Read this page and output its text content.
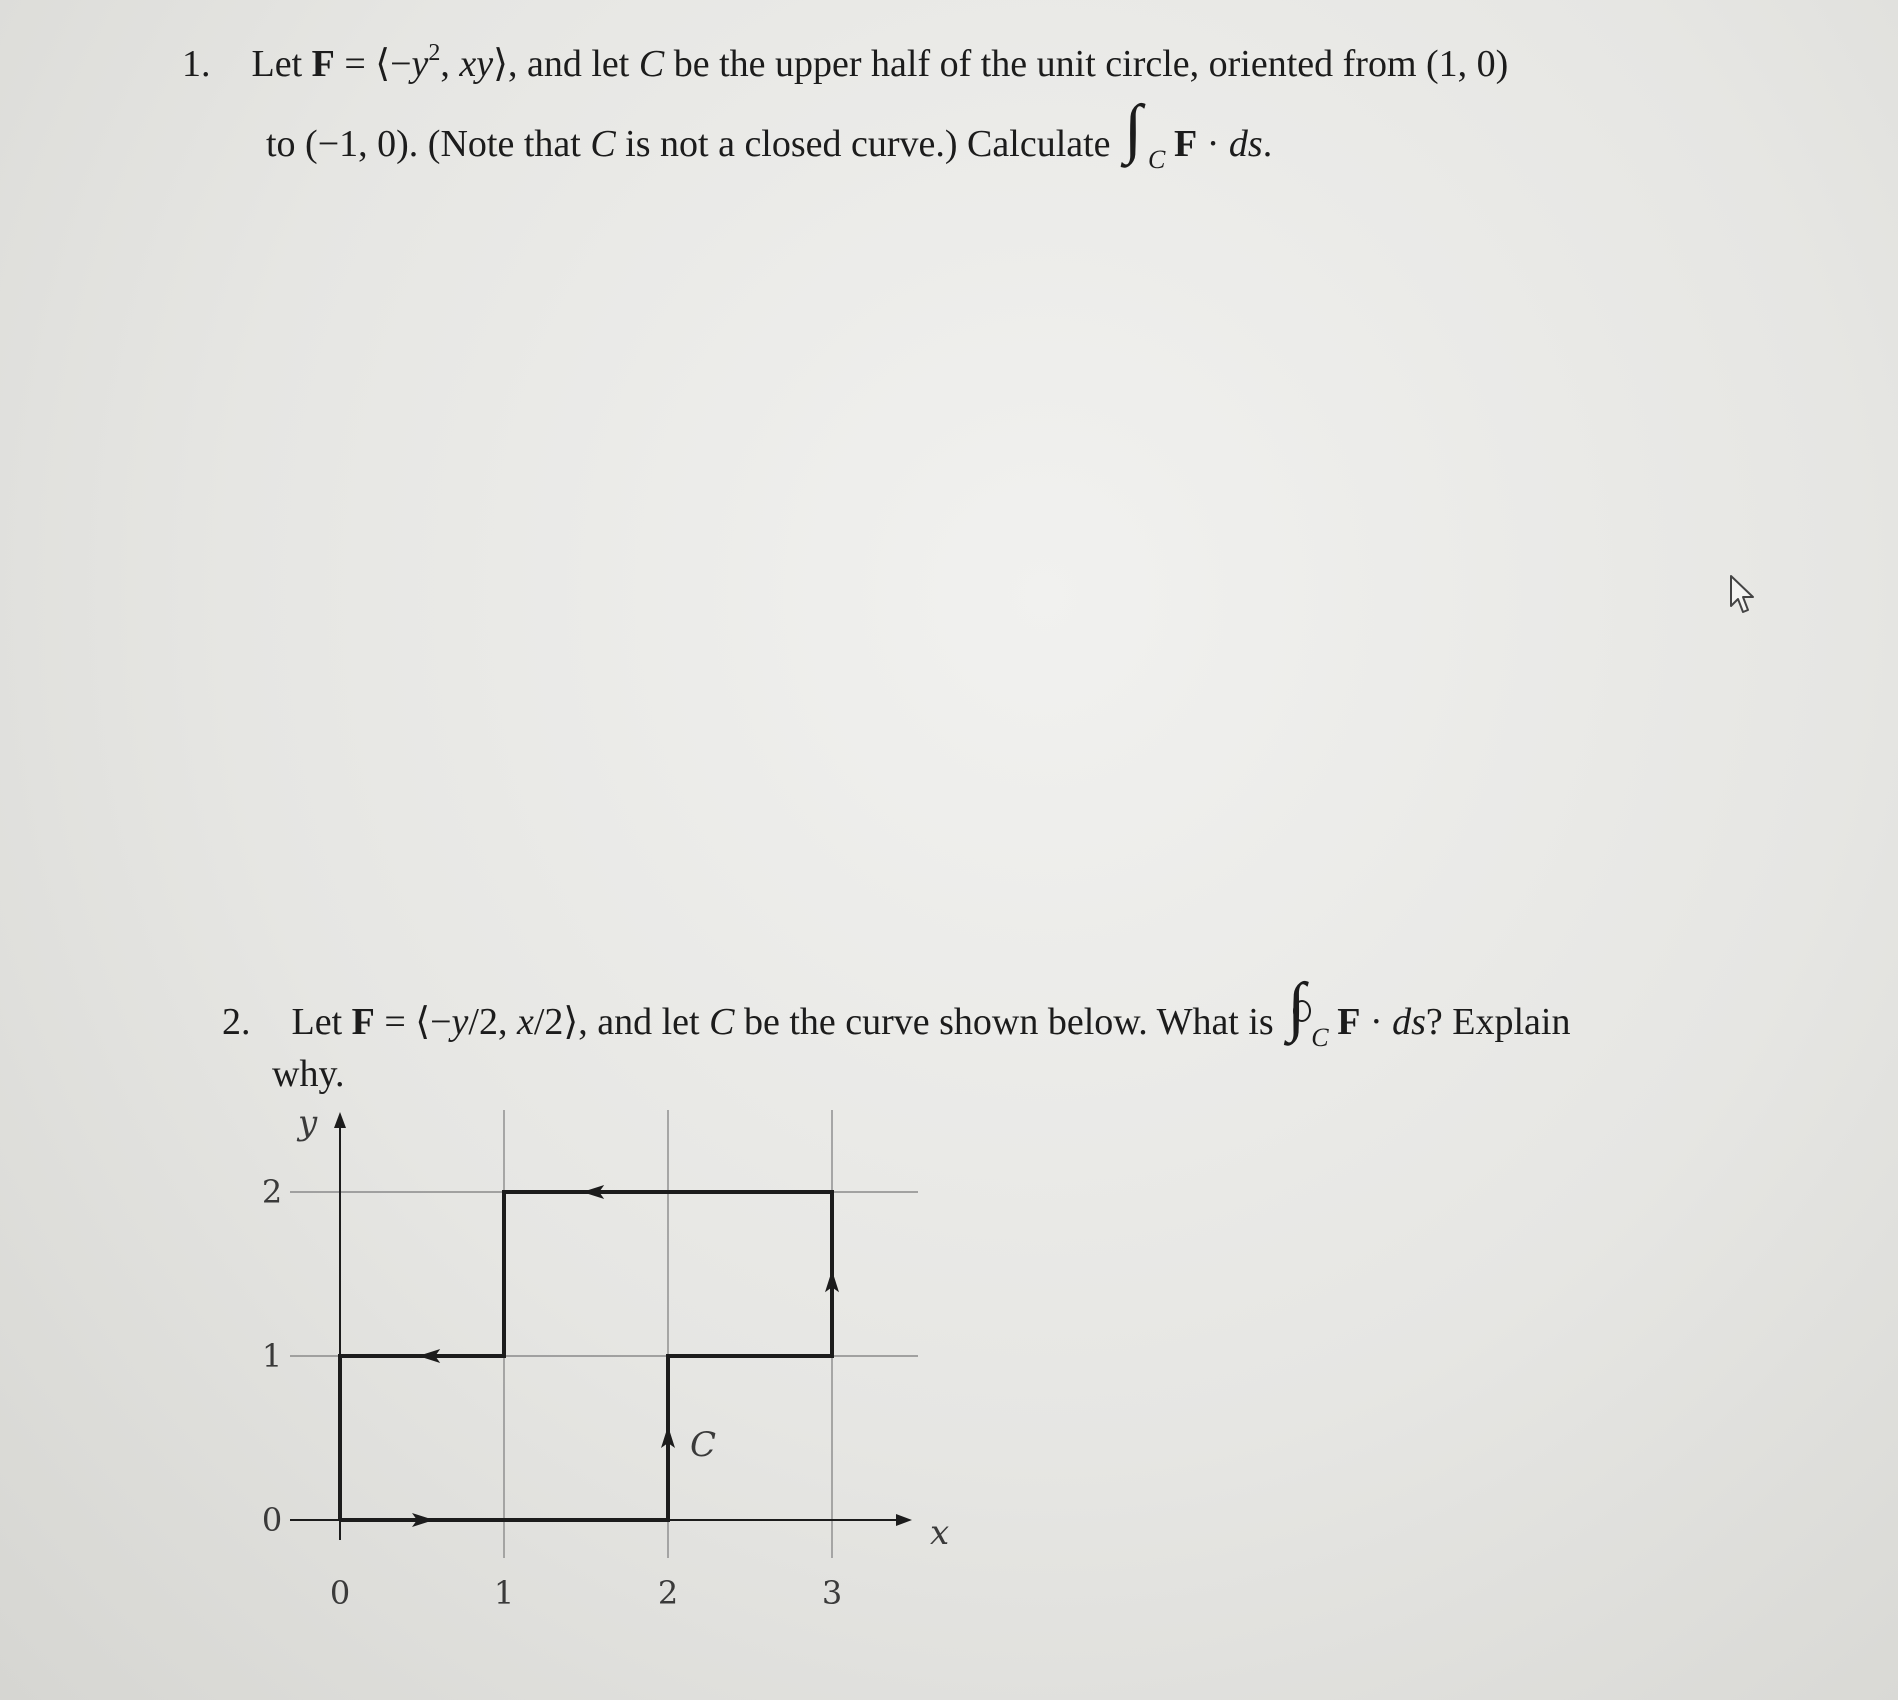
1. Let $F = ⟨-y^2$, xy⟩, and let C be the upper half of the unit circle, oriented from (1, 0)
to (−1, 0). (Note that C is not a closed curve.) Calculate ∫ C F · ds.
2. Let F = ⟨−y/2, x/2⟩, and let C be the curve shown below. What is ∫ C F · ds? Explain
why.
x
y
0	1	2	3
0
1
2
C
